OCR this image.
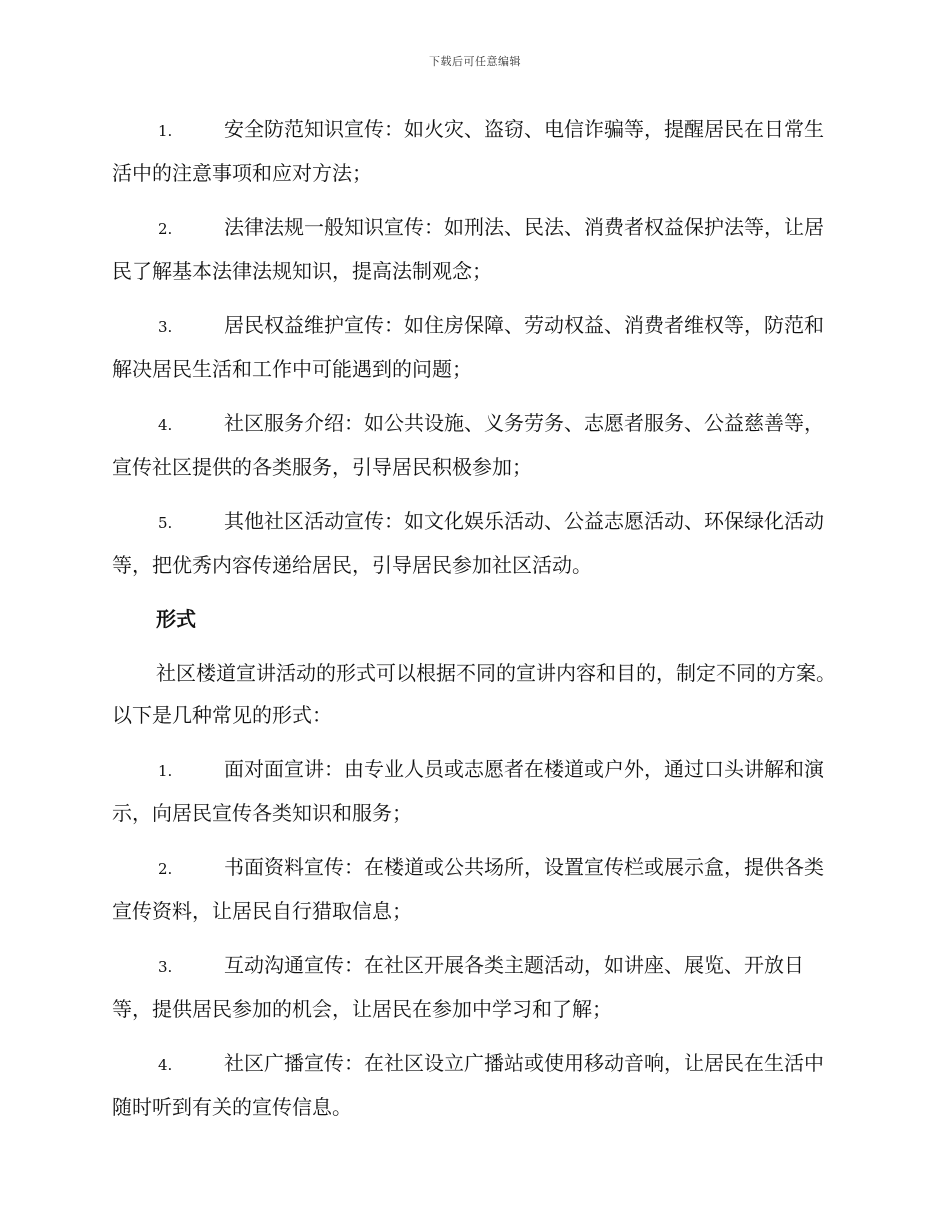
下载后可任意编辑
1.	安全防范知识宣传：如火灾、盗窃、电信诈骗等，提醒居民在日常生活中的注意事项和应对方法；
2.	法律法规一般知识宣传：如刑法、民法、消费者权益保护法等，让居民了解基本法律法规知识，提高法制观念；
3.	居民权益维护宣传：如住房保障、劳动权益、消费者维权等，防范和解决居民生活和工作中可能遇到的问题；
4.	社区服务介绍：如公共设施、义务劳务、志愿者服务、公益慈善等，宣传社区提供的各类服务，引导居民积极参加；
5.	其他社区活动宣传：如文化娱乐活动、公益志愿活动、环保绿化活动等，把优秀内容传递给居民，引导居民参加社区活动。
形式
社区楼道宣讲活动的形式可以根据不同的宣讲内容和目的，制定不同的方案。以下是几种常见的形式：
1.	面对面宣讲：由专业人员或志愿者在楼道或户外，通过口头讲解和演示，向居民宣传各类知识和服务；
2.	书面资料宣传：在楼道或公共场所，设置宣传栏或展示盒，提供各类宣传资料，让居民自行猎取信息；
3.	互动沟通宣传：在社区开展各类主题活动，如讲座、展览、开放日等，提供居民参加的机会，让居民在参加中学习和了解；
4.	社区广播宣传：在社区设立广播站或使用移动音响，让居民在生活中随时听到有关的宣传信息。
